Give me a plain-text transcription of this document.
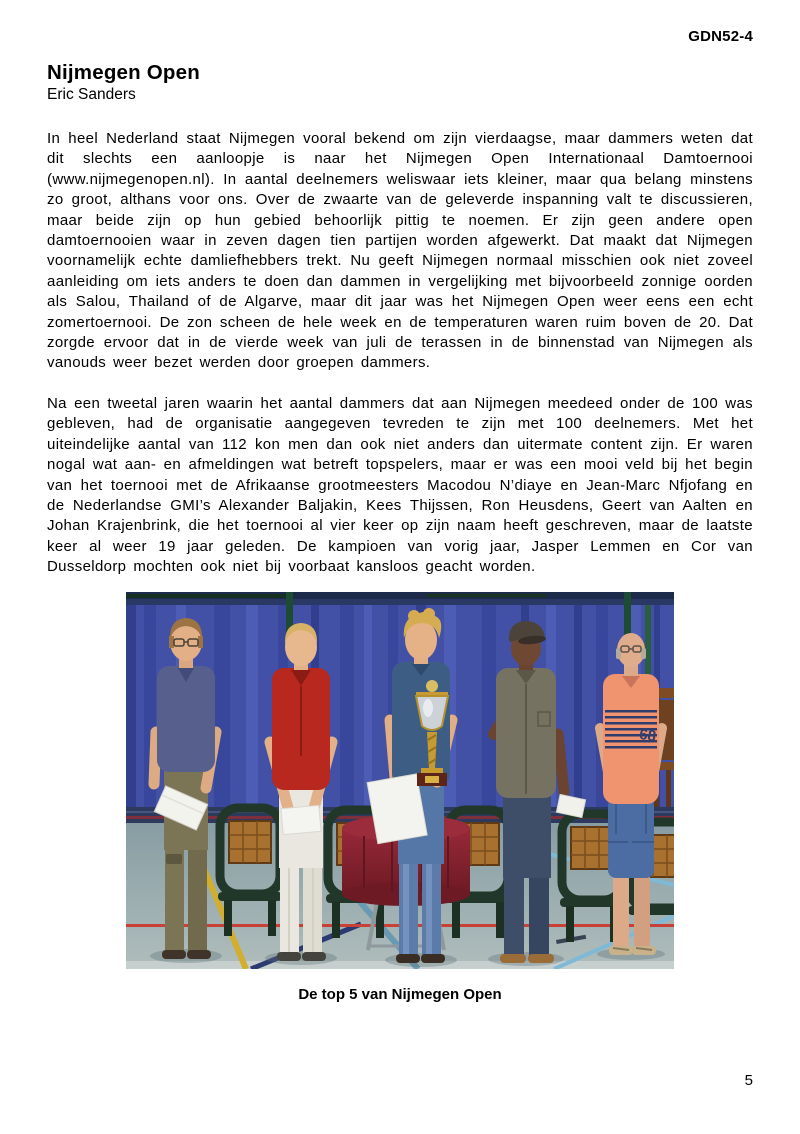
GDN52-4
Nijmegen Open
Eric Sanders

In heel Nederland staat Nijmegen vooral bekend om zijn vierdaagse, maar dammers weten dat dit slechts een aanloopje is naar het Nijmegen Open Internationaal Damtoernooi (www.nijmegenopen.nl). In aantal deelnemers weliswaar iets kleiner, maar qua belang minstens zo groot, althans voor ons. Over de zwaarte van de geleverde inspanning valt te discussieren, maar beide zijn op hun gebied behoorlijk pittig te noemen. Er zijn geen andere open damtoernooien waar in zeven dagen tien partijen worden afgewerkt. Dat maakt dat Nijmegen voornamelijk echte damliefhebbers trekt. Nu geeft Nijmegen normaal misschien ook niet zoveel aanleiding om iets anders te doen dan dammen in vergelijking met bijvoorbeeld zonnige oorden als Salou, Thailand of de Algarve, maar dit jaar was het Nijmegen Open weer eens een echt zomertoernooi. De zon scheen de hele week en de temperaturen waren ruim boven de 20. Dat zorgde ervoor dat in de vierde week van juli de terassen in de binnenstad van Nijmegen als vanouds weer bezet werden door groepen dammers.

Na een tweetal jaren waarin het aantal dammers dat aan Nijmegen meedeed onder de 100 was gebleven, had de organisatie aangegeven tevreden te zijn met 100 deelnemers. Met het uiteindelijke aantal van 112 kon men dan ook niet anders dan uitermate content zijn. Er waren nogal wat aan- en afmeldingen wat betreft topspelers, maar er was een mooi veld bij het begin van het toernooi met de Afrikaanse grootmeesters Macodou N’diaye en Jean-Marc Nfjofang en de Nederlandse GMI’s Alexander Baljakin, Kees Thijssen, Ron Heusdens, Geert van Aalten en Johan Krajenbrink, die het toernooi al vier keer op zijn naam heeft geschreven, maar de laatste keer al weer 19 jaar geleden. De kampioen van vorig jaar, Jasper Lemmen en Cor van Dusseldorp mochten ook niet bij voorbaat kansloos geacht worden.

68
De top 5 van Nijmegen Open
5
